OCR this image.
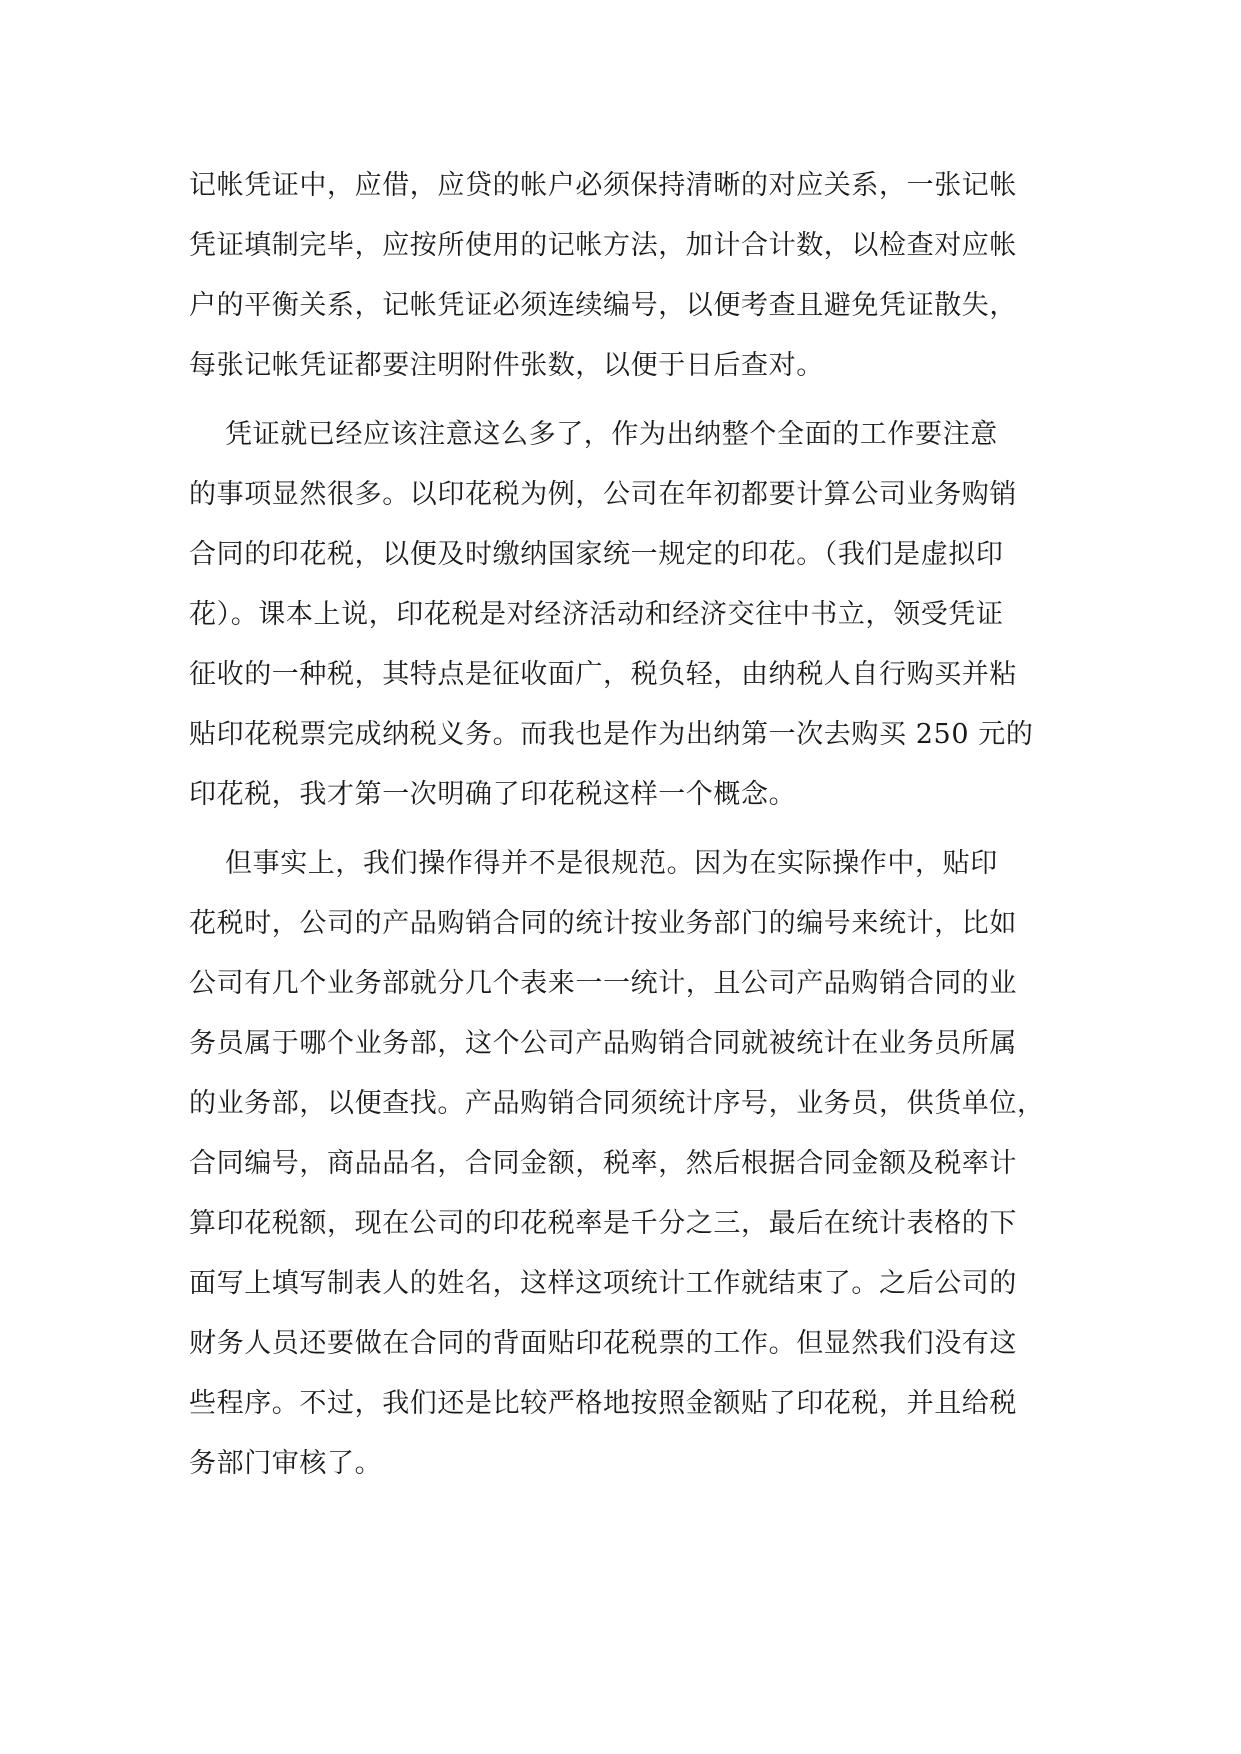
记帐凭证中，应借，应贷的帐户必须保持清晰的对应关系，一张记帐
凭证填制完毕，应按所使用的记帐方法，加计合计数，以检查对应帐
户的平衡关系，记帐凭证必须连续编号，以便考查且避免凭证散失，
每张记帐凭证都要注明附件张数，以便于日后查对。
凭证就已经应该注意这么多了，作为出纳整个全面的工作要注意
的事项显然很多。以印花税为例，公司在年初都要计算公司业务购销
合同的印花税，以便及时缴纳国家统一规定的印花。（我们是虚拟印
花）。课本上说，印花税是对经济活动和经济交往中书立，领受凭证
征收的一种税，其特点是征收面广，税负轻，由纳税人自行购买并粘
贴印花税票完成纳税义务。而我也是作为出纳第一次去购买 250 元的
印花税，我才第一次明确了印花税这样一个概念。
但事实上，我们操作得并不是很规范。因为在实际操作中，贴印
花税时，公司的产品购销合同的统计按业务部门的编号来统计，比如
公司有几个业务部就分几个表来一一统计，且公司产品购销合同的业
务员属于哪个业务部，这个公司产品购销合同就被统计在业务员所属
的业务部，以便查找。产品购销合同须统计序号，业务员，供货单位，
合同编号，商品品名，合同金额，税率，然后根据合同金额及税率计
算印花税额，现在公司的印花税率是千分之三，最后在统计表格的下
面写上填写制表人的姓名，这样这项统计工作就结束了。之后公司的
财务人员还要做在合同的背面贴印花税票的工作。但显然我们没有这
些程序。不过，我们还是比较严格地按照金额贴了印花税，并且给税
务部门审核了。
